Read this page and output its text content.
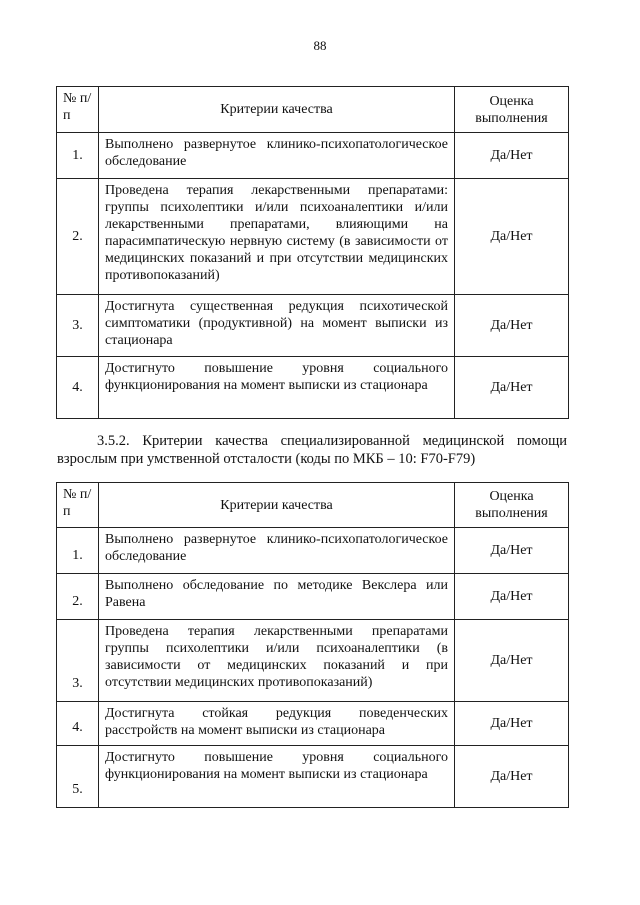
88
№ п/п	Критерии качества	Оценка выполнения
1.	Выполнено развернутое клинико-психопатологическое обследование	Да/Нет
2.	Проведена терапия лекарственными препаратами: группы психолептики и/или психоаналептики и/или лекарственными препаратами, влияющими на парасимпатическую нервную систему (в зависимости от медицинских показаний и при отсутствии медицинских противопоказаний)	Да/Нет
3.	Достигнута существенная редукция психотической симптоматики (продуктивной) на момент выписки из стационара	Да/Нет
4.	Достигнуто повышение уровня социального функционирования на момент выписки из стационара	Да/Нет
3.5.2. Критерии качества специализированной медицинской помощи взрослым при умственной отсталости (коды по МКБ – 10: F70-F79)
№ п/п	Критерии качества	Оценка выполнения
1.	Выполнено развернутое клинико-психопатологическое обследование	Да/Нет
2.	Выполнено обследование по методике Векслера или Равена	Да/Нет
3.	Проведена терапия лекарственными препаратами группы психолептики и/или психоаналептики (в зависимости от медицинских показаний и при отсутствии медицинских противопоказаний)	Да/Нет
4.	Достигнута стойкая редукция поведенческих расстройств на момент выписки из стационара	Да/Нет
5.	Достигнуто повышение уровня социального функционирования на момент выписки из стационара	Да/Нет
